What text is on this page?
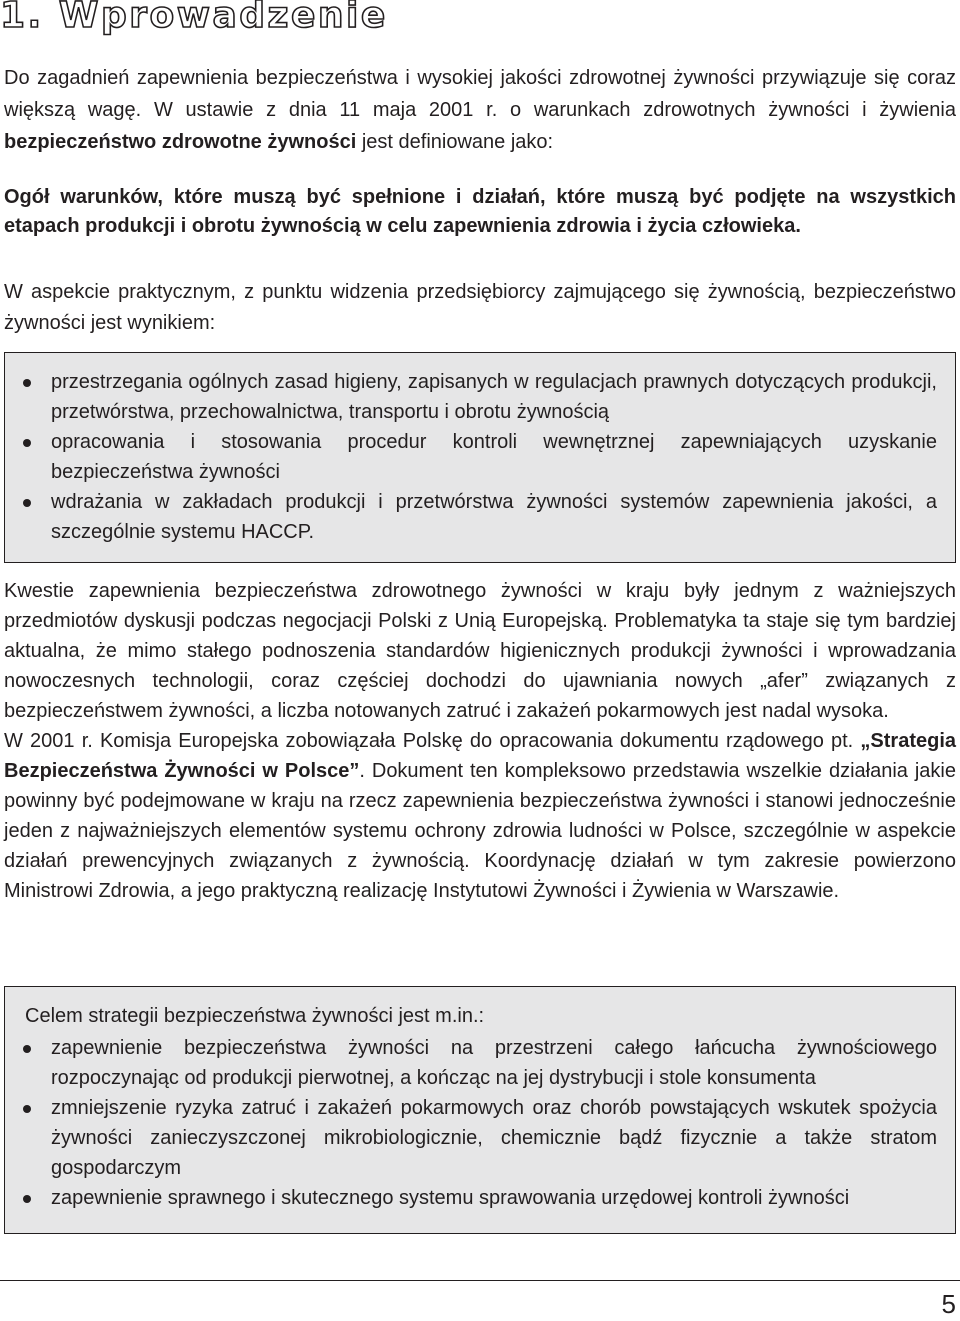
1. Wprowadzenie

Do zagadnień zapewnienia bezpieczeństwa i wysokiej jakości zdrowotnej żywności przywiązuje się coraz większą wagę. W ustawie z dnia 11 maja 2001 r. o warunkach zdrowotnych żywności i żywienia bezpieczeństwo zdrowotne żywności jest definiowane jako:

Ogół warunków, które muszą być spełnione i działań, które muszą być podjęte na wszystkich etapach produkcji i obrotu żywnością w celu zapewnienia zdrowia i życia człowieka.

W aspekcie praktycznym, z punktu widzenia przedsiębiorcy zajmującego się żywnością, bezpieczeństwo żywności jest wynikiem:

przestrzegania ogólnych zasad higieny, zapisanych w regulacjach prawnych dotyczących produkcji, przetwórstwa, przechowalnictwa, transportu i obrotu żywnością
opracowania i stosowania procedur kontroli wewnętrznej zapewniających uzyskanie bezpieczeństwa żywności
wdrażania w zakładach produkcji i przetwórstwa żywności systemów zapewnienia jakości, a szczególnie systemu HACCP.

Kwestie zapewnienia bezpieczeństwa zdrowotnego żywności w kraju były jednym z ważniejszych przedmiotów dyskusji podczas negocjacji Polski z Unią Europejską. Problematyka ta staje się tym bardziej aktualna, że mimo stałego podnoszenia standardów higienicznych produkcji żywności i wprowadzania nowoczesnych technologii, coraz częściej dochodzi do ujawniania nowych „afer” związanych z bezpieczeństwem żywności, a liczba notowanych zatruć i zakażeń pokarmowych jest nadal wysoka.

W 2001 r. Komisja Europejska zobowiązała Polskę do opracowania dokumentu rządowego pt. „Strategia Bezpieczeństwa Żywności w Polsce”. Dokument ten kompleksowo przedstawia wszelkie działania jakie powinny być podejmowane w kraju na rzecz zapewnienia bezpieczeństwa żywności i stanowi jednocześnie jeden z najważniejszych elementów systemu ochrony zdrowia ludności w Polsce, szczególnie w aspekcie działań prewencyjnych związanych z żywnością. Koordynację działań w tym zakresie powierzono Ministrowi Zdrowia, a jego praktyczną realizację Instytutowi Żywności i Żywienia w Warszawie.

Celem strategii bezpieczeństwa żywności jest m.in.:
zapewnienie bezpieczeństwa żywności na przestrzeni całego łańcucha żywnościowego rozpoczynając od produkcji pierwotnej, a kończąc na jej dystrybucji i stole konsumenta
zmniejszenie ryzyka zatruć i zakażeń pokarmowych oraz chorób powstających wskutek spożycia żywności zanieczyszczonej mikrobiologicznie, chemicznie bądź fizycznie a także stratom gospodarczym
zapewnienie sprawnego i skutecznego systemu sprawowania urzędowej kontroli żywności
5
